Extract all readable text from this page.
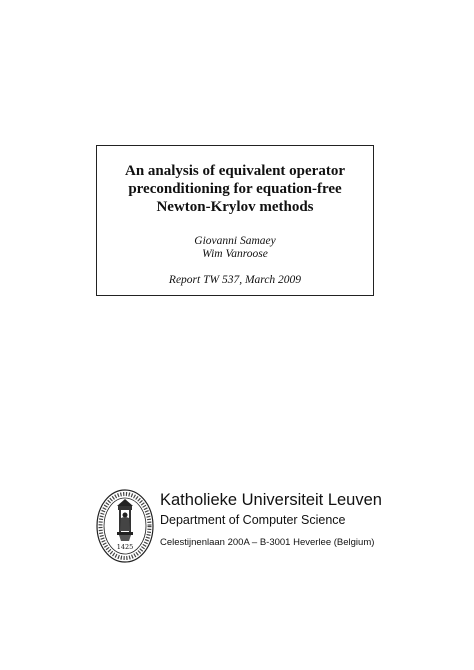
An analysis of equivalent operator
preconditioning for equation-free
Newton-Krylov methods
Giovanni Samaey
Wim Vanroose
Report TW 537, March 2009
1425
Katholieke Universiteit Leuven
Department of Computer Science
Celestijnenlaan 200A – B-3001 Heverlee (Belgium)
